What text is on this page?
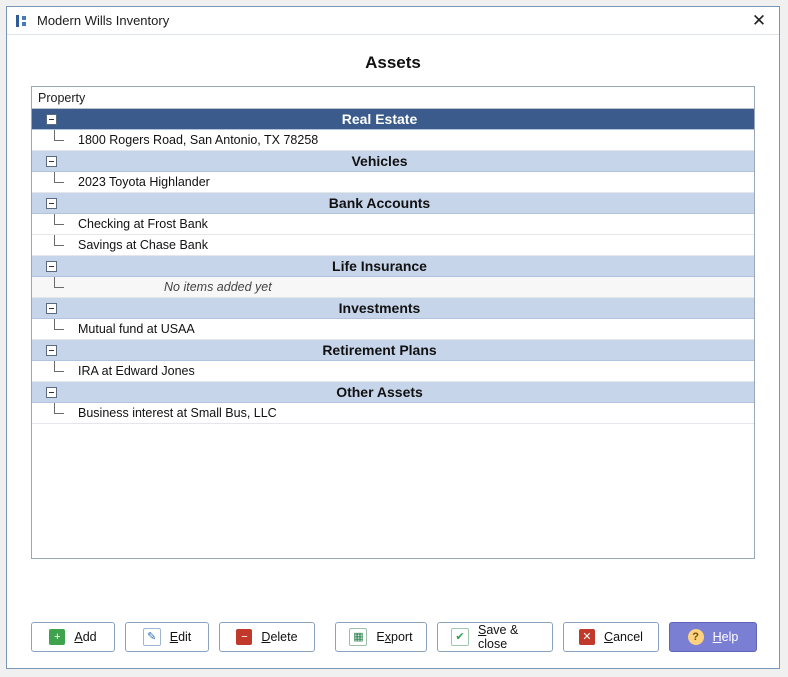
Modern Wills Inventory	✕
Assets
Property
Real Estate
1800 Rogers Road, San Antonio, TX 78258
Vehicles
2023 Toyota Highlander
Bank Accounts
Checking at Frost Bank
Savings at Chase Bank
Life Insurance
No items added yet
Investments
Mutual fund at USAA
Retirement Plans
IRA at Edward Jones
Other Assets
Business interest at Small Bus, LLC
+	Add	✎	Edit	−	Delete	▦	Export	✔	Save & close
✕ Cancel	?	Help
